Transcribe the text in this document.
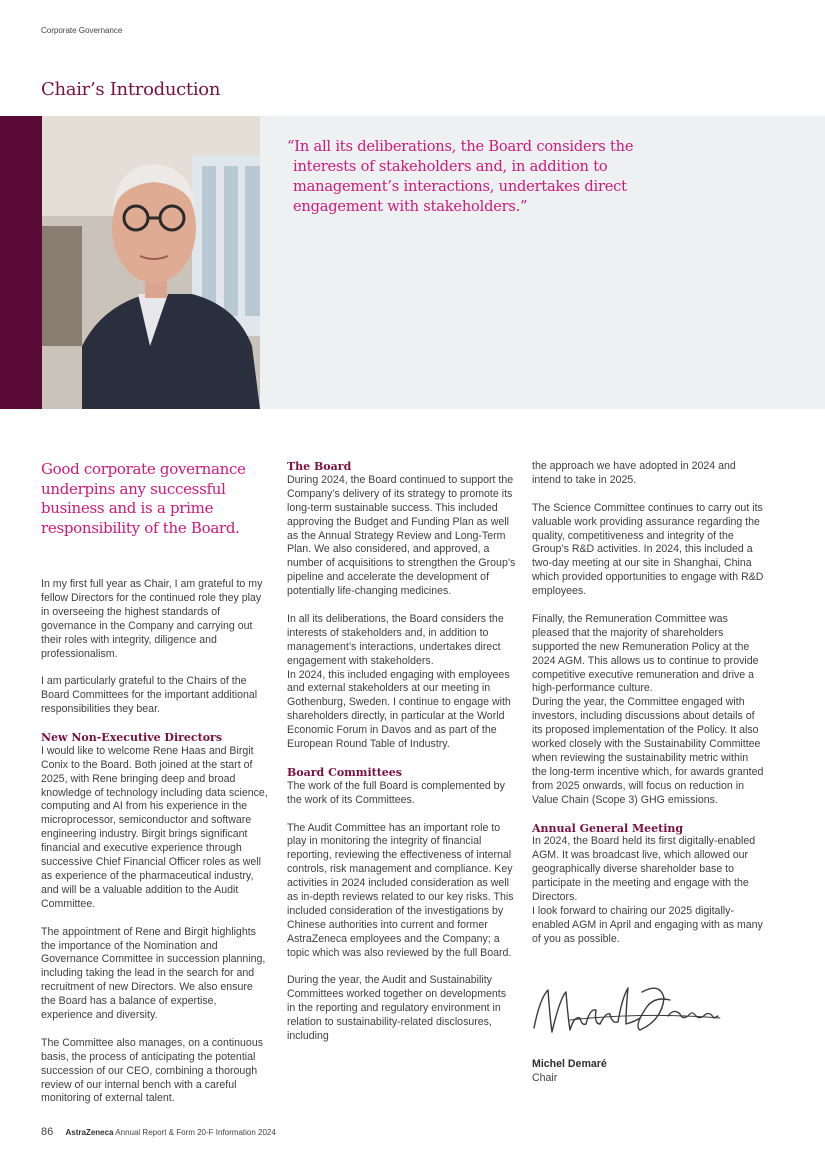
Corporate Governance
Chair’s Introduction
“In all its deliberations, the Board considers the
interests of stakeholders and, in addition to
management’s interactions, undertakes direct
engagement with stakeholders.”

Good corporate governance underpins any successful business and is a prime responsibility of the Board.

In my first full year as Chair, I am grateful to my fellow Directors for the continued role they play in overseeing the highest standards of governance in the Company and carrying out their roles with integrity, diligence and professionalism.

I am particularly grateful to the Chairs of the Board Committees for the important additional responsibilities they bear.

New Non-Executive Directors

I would like to welcome Rene Haas and Birgit Conix to the Board. Both joined at the start of 2025, with Rene bringing deep and broad knowledge of technology including data science, computing and AI from his experience in the microprocessor, semiconductor and software engineering industry. Birgit brings significant financial and executive experience through successive Chief Financial Officer roles as well as experience of the pharmaceutical industry, and will be a valuable addition to the Audit Committee.

The appointment of Rene and Birgit highlights the importance of the Nomination and Governance Committee in succession planning, including taking the lead in the search for and recruitment of new Directors. We also ensure the Board has a balance of expertise, experience and diversity.

The Committee also manages, on a continuous basis, the process of anticipating the potential succession of our CEO, combining a thorough review of our internal bench with a careful monitoring of external talent.

The Board

During 2024, the Board continued to support the Company’s delivery of its strategy to promote its long-term sustainable success. This included approving the Budget and Funding Plan as well as the Annual Strategy Review and Long-Term Plan. We also considered, and approved, a number of acquisitions to strengthen the Group’s pipeline and accelerate the development of potentially life-changing medicines.

In all its deliberations, the Board considers the interests of stakeholders and, in addition to management’s interactions, undertakes direct engagement with stakeholders.

In 2024, this included engaging with employees and external stakeholders at our meeting in Gothenburg, Sweden. I continue to engage with shareholders directly, in particular at the World Economic Forum in Davos and as part of the European Round Table of Industry.

Board Committees

The work of the full Board is complemented by the work of its Committees.

The Audit Committee has an important role to play in monitoring the integrity of financial reporting, reviewing the effectiveness of internal controls, risk management and compliance. Key activities in 2024 included consideration as well as in-depth reviews related to our key risks. This included consideration of the investigations by Chinese authorities into current and former AstraZeneca employees and the Company; a topic which was also reviewed by the full Board.

During the year, the Audit and Sustainability Committees worked together on developments in the reporting and regulatory environment in relation to sustainability-related disclosures, including

the approach we have adopted in 2024 and intend to take in 2025.

The Science Committee continues to carry out its valuable work providing assurance regarding the quality, competitiveness and integrity of the Group’s R&D activities. In 2024, this included a two-day meeting at our site in Shanghai, China which provided opportunities to engage with R&D employees.

Finally, the Remuneration Committee was pleased that the majority of shareholders supported the new Remuneration Policy at the 2024 AGM. This allows us to continue to provide competitive executive remuneration and drive a high-performance culture.

During the year, the Committee engaged with investors, including discussions about details of its proposed implementation of the Policy. It also worked closely with the Sustainability Committee when reviewing the sustainability metric within the long-term incentive which, for awards granted from 2025 onwards, will focus on reduction in Value Chain (Scope 3) GHG emissions.

Annual General Meeting
In 2024, the Board held its first digitally-enabled AGM. It was broadcast live, which allowed our geographically diverse shareholder base to participate in the meeting and engage with the Directors.

I look forward to chairing our 2025 digitally-enabled AGM in April and engaging with as many of you as possible.

Michel Demaré
Chair
86 AstraZeneca Annual Report & Form 20-F Information 2024
